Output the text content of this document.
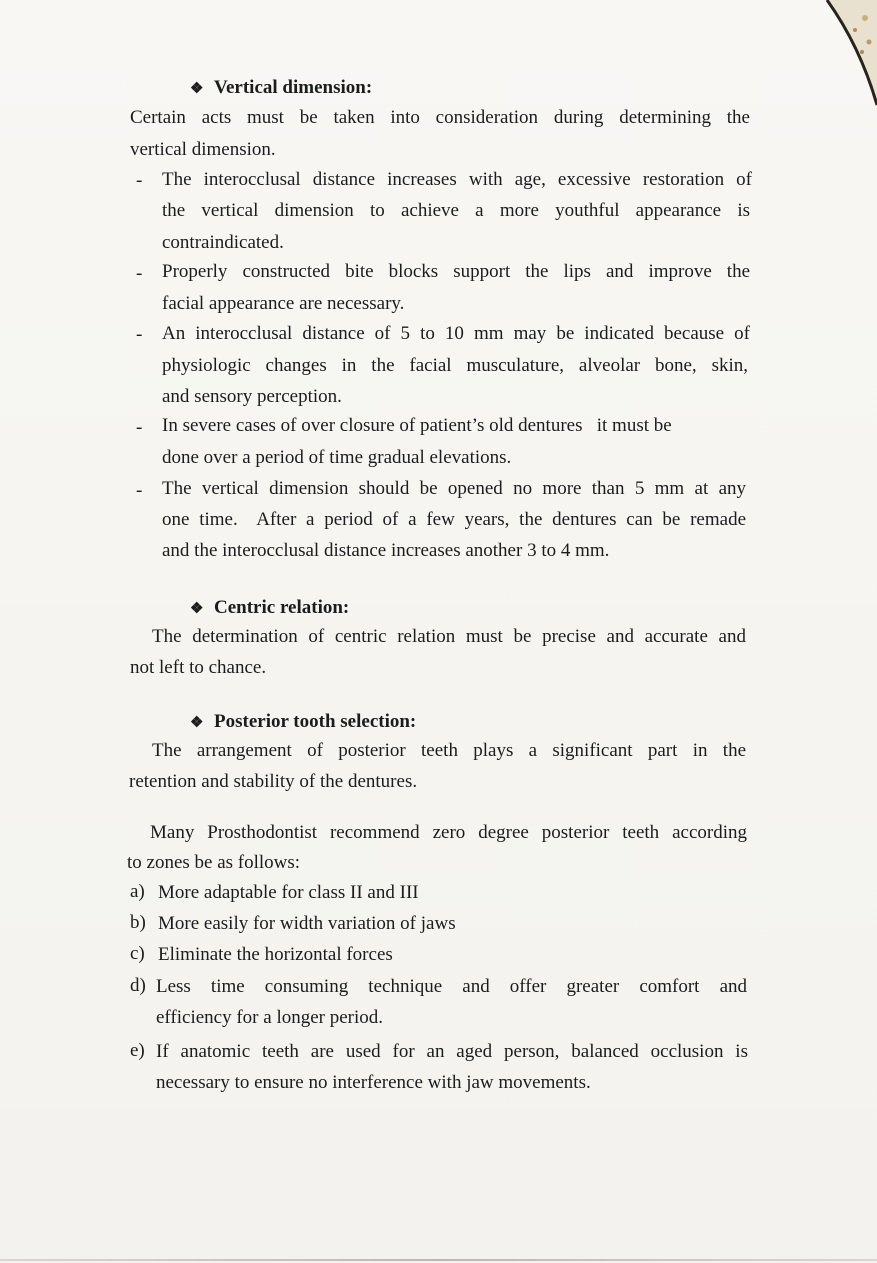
❖ Vertical dimension:
Certain acts must be taken into consideration during determining the
vertical dimension.
- The interocclusal distance increases with age, excessive restoration of
the vertical dimension to achieve a more youthful appearance is
contraindicated.
- Properly constructed bite blocks support the lips and improve the
facial appearance are necessary.
- An interocclusal distance of 5 to 10 mm may be indicated because of
physiologic changes in the facial musculature, alveolar bone, skin,
and sensory perception.
- In severe cases of over closure of patient’s old dentures   it must be
done over a period of time gradual elevations.
- The vertical dimension should be opened no more than 5 mm at any
one time.  After a period of a few years, the dentures can be remade
and the interocclusal distance increases another 3 to 4 mm.
❖ Centric relation:
The determination of centric relation must be precise and accurate and
not left to chance.
❖ Posterior tooth selection:
The arrangement of posterior teeth plays a significant part in the
retention and stability of the dentures.
Many Prosthodontist recommend zero degree posterior teeth according
to zones be as follows:
a) More adaptable for class II and III
b) More easily for width variation of jaws
c) Eliminate the horizontal forces
d) Less time consuming technique and offer greater comfort and
efficiency for a longer period.
e) If anatomic teeth are used for an aged person, balanced occlusion is
necessary to ensure no interference with jaw movements.
